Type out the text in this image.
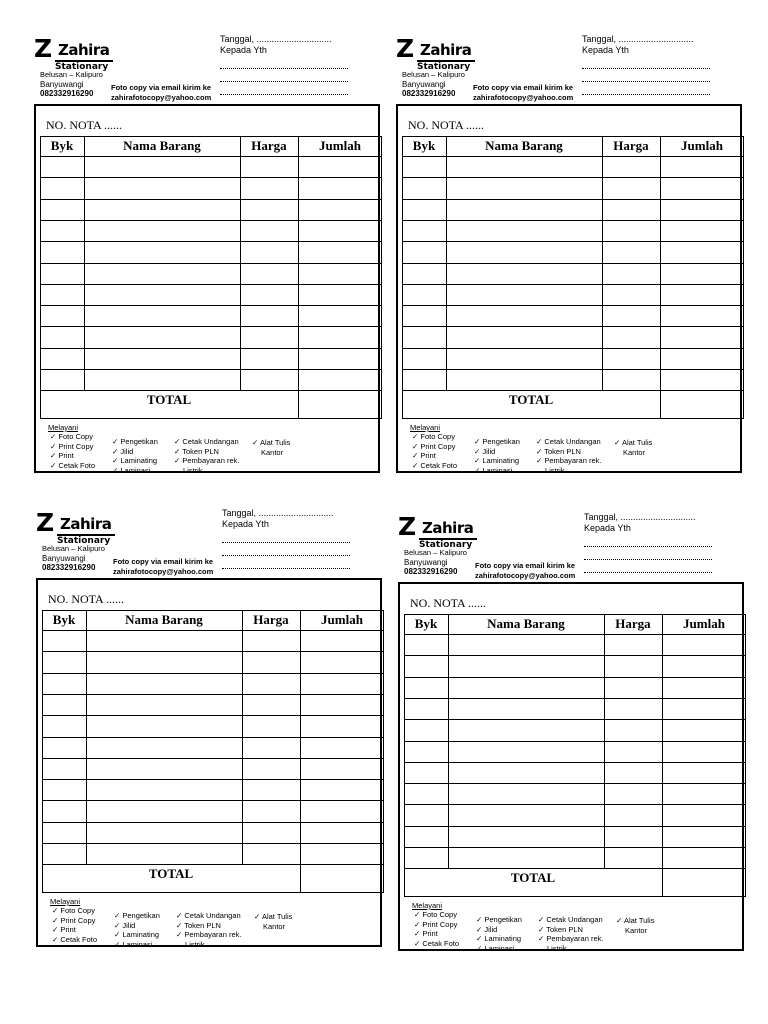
Z Zahira
Stationary
Belusan – Kalipuro
Banyuwangi
082332916290
Foto copy via email kirim ke
zahirafotocopy@yahoo.com
Tanggal, ..............................
Kepada Yth
NO. NOTA ......
Byk	Nama Barang	Harga	Jumlah
TOTAL
Melayani
✓ Foto Copy
✓ Print Copy
✓ Print
✓ Cetak Foto
✓ Pengetikan
✓ Jilid
✓ Laminating
✓ Laminasi
✓ Cetak Undangan
✓ Token PLN
✓ Pembayaran rek.
Listrik
✓ Alat Tulis
Kantor
Z Zahira
Stationary
Belusan – Kalipuro
Banyuwangi
082332916290
Foto copy via email kirim ke
zahirafotocopy@yahoo.com
Tanggal, ..............................
Kepada Yth
NO. NOTA ......
Byk	Nama Barang	Harga	Jumlah
TOTAL
Melayani
✓ Foto Copy
✓ Print Copy
✓ Print
✓ Cetak Foto
✓ Pengetikan
✓ Jilid
✓ Laminating
✓ Laminasi
✓ Cetak Undangan
✓ Token PLN
✓ Pembayaran rek.
Listrik
✓ Alat Tulis
Kantor
Z Zahira
Stationary
Belusan – Kalipuro
Banyuwangi
082332916290
Foto copy via email kirim ke
zahirafotocopy@yahoo.com
Tanggal, ..............................
Kepada Yth
NO. NOTA ......
Byk	Nama Barang	Harga	Jumlah
TOTAL
Melayani
✓ Foto Copy
✓ Print Copy
✓ Print
✓ Cetak Foto
✓ Pengetikan
✓ Jilid
✓ Laminating
✓ Laminasi
✓ Cetak Undangan
✓ Token PLN
✓ Pembayaran rek.
Listrik
✓ Alat Tulis
Kantor
Z Zahira
Stationary
Belusan – Kalipuro
Banyuwangi
082332916290
Foto copy via email kirim ke
zahirafotocopy@yahoo.com
Tanggal, ..............................
Kepada Yth
NO. NOTA ......
Byk	Nama Barang	Harga	Jumlah
TOTAL
Melayani
✓ Foto Copy
✓ Print Copy
✓ Print
✓ Cetak Foto
✓ Pengetikan
✓ Jilid
✓ Laminating
✓ Laminasi
✓ Cetak Undangan
✓ Token PLN
✓ Pembayaran rek.
Listrik
✓ Alat Tulis
Kantor
